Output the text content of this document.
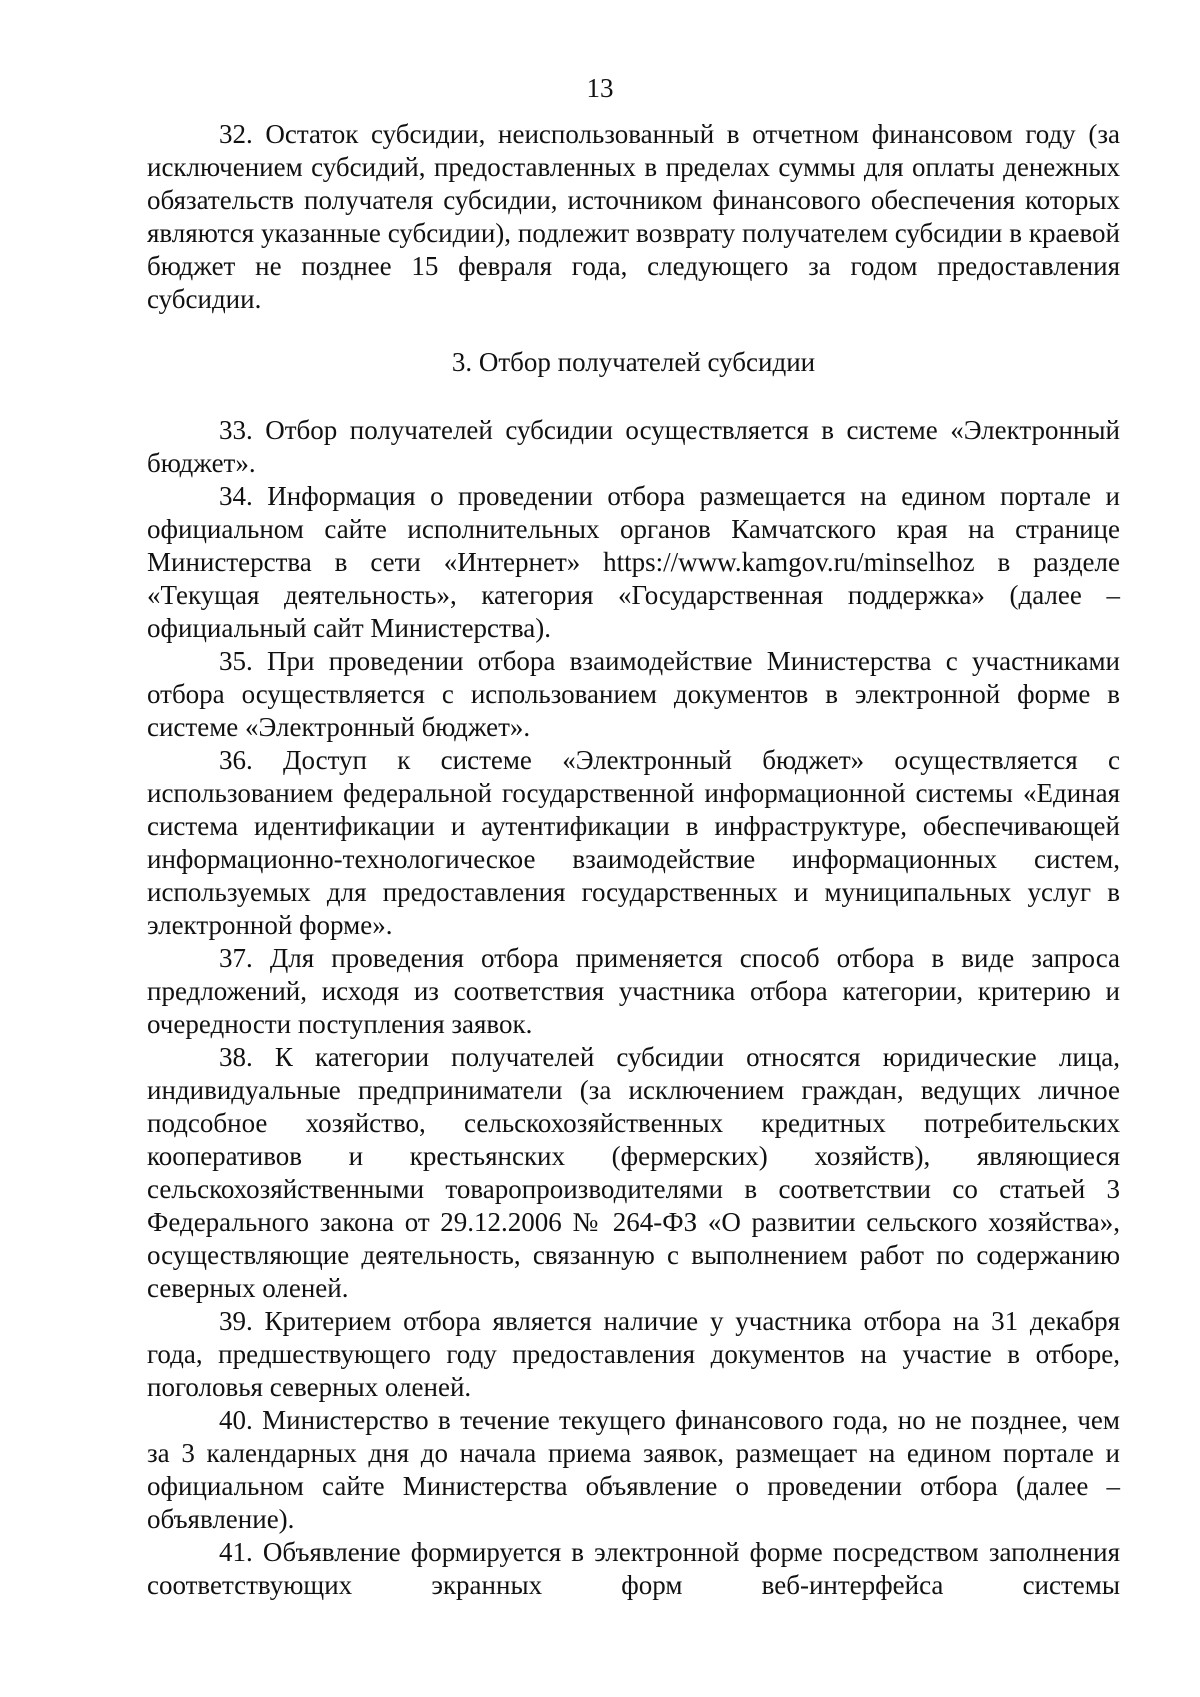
13

32. Остаток субсидии, неиспользованный в отчетном финансовом году (за исключением субсидий, предоставленных в пределах суммы для оплаты денежных обязательств получателя субсидии, источником финансового обеспечения которых являются указанные субсидии), подлежит возврату получателем субсидии в краевой бюджет не позднее 15 февраля года, следующего за годом предоставления субсидии.

3. Отбор получателей субсидии

33. Отбор получателей субсидии осуществляется в системе «Электронный бюджет».

34. Информация о проведении отбора размещается на едином портале и официальном сайте исполнительных органов Камчатского края на странице Министерства в сети «Интернет» https://www.kamgov.ru/minselhoz в разделе «Текущая деятельность», категория «Государственная поддержка» (далее – официальный сайт Министерства).

35. При проведении отбора взаимодействие Министерства с участниками отбора осуществляется с использованием документов в электронной форме в системе «Электронный бюджет».

36. Доступ к системе «Электронный бюджет» осуществляется с использованием федеральной государственной информационной системы «Единая система идентификации и аутентификации в инфраструктуре, обеспечивающей информационно-технологическое взаимодействие информационных систем, используемых для предоставления государственных и муниципальных услуг в электронной форме».

37. Для проведения отбора применяется способ отбора в виде запроса предложений, исходя из соответствия участника отбора категории, критерию и очередности поступления заявок.

38. К категории получателей субсидии относятся юридические лица, индивидуальные предприниматели (за исключением граждан, ведущих личное подсобное хозяйство, сельскохозяйственных кредитных потребительских кооперативов и крестьянских (фермерских) хозяйств), являющиеся сельскохозяйственными товаропроизводителями в соответствии со статьей 3 Федерального закона от 29.12.2006 № 264-ФЗ «О развитии сельского хозяйства», осуществляющие деятельность, связанную с выполнением работ по содержанию северных оленей.

39. Критерием отбора является наличие у участника отбора на 31 декабря года, предшествующего году предоставления документов на участие в отборе, поголовья северных оленей.

40. Министерство в течение текущего финансового года, но не позднее, чем за 3 календарных дня до начала приема заявок, размещает на едином портале и официальном сайте Министерства объявление о проведении отбора (далее – объявление).

41. Объявление формируется в электронной форме посредством заполнения соответствующих экранных форм веб-интерфейса системы
